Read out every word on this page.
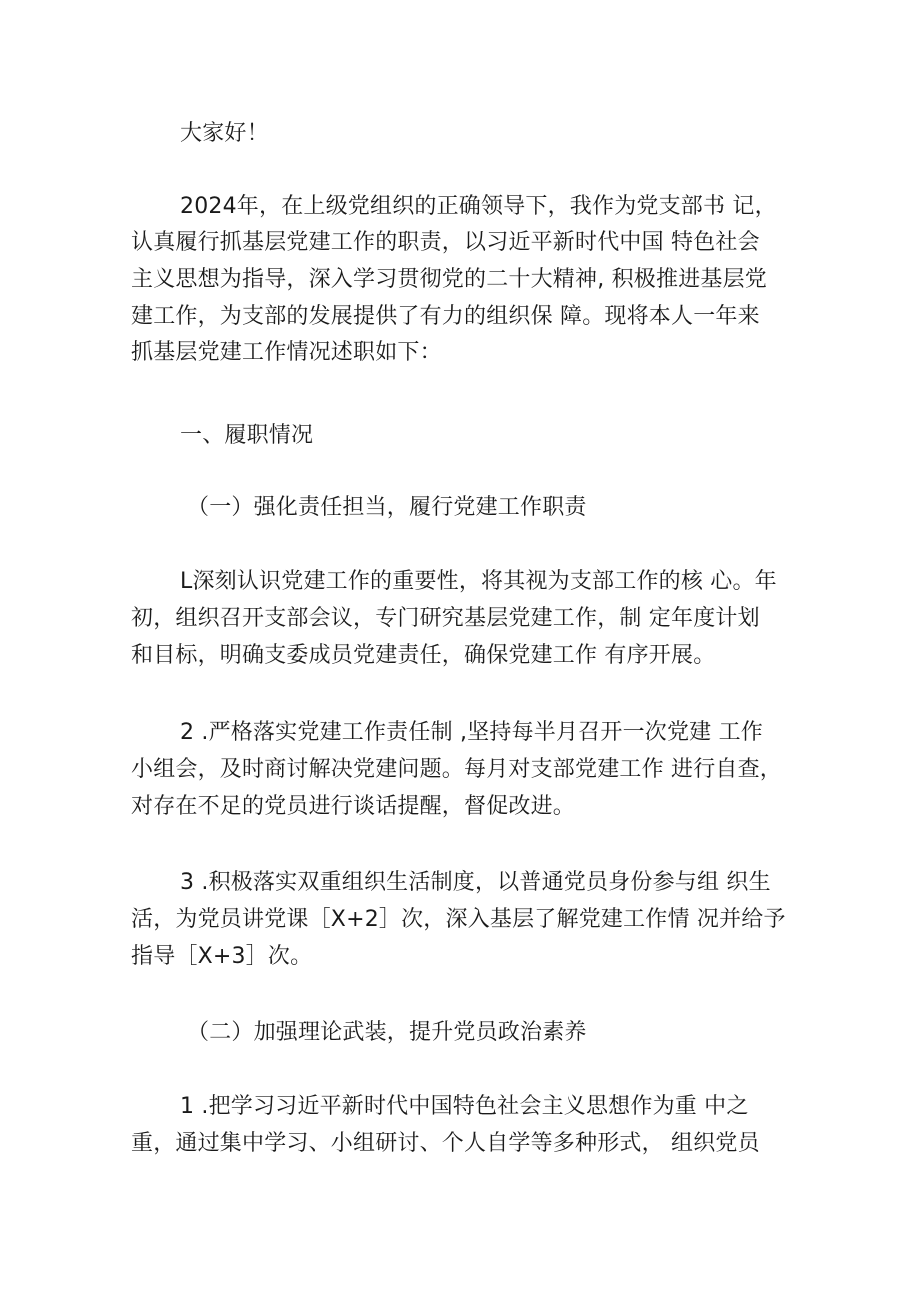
大家好！
2024年，在上级党组织的正确领导下，我作为党支部书 记，
认真履行抓基层党建工作的职责，以习近平新时代中国 特色社会
主义思想为指导，深入学习贯彻党的二十大精神, 积极推进基层党
建工作，为支部的发展提供了有力的组织保 障。现将本人一年来
抓基层党建工作情况述职如下：
一、履职情况
（一）强化责任担当，履行党建工作职责
L深刻认识党建工作的重要性，将其视为支部工作的核 心。年
初，组织召开支部会议，专门研究基层党建工作，制 定年度计划
和目标，明确支委成员党建责任，确保党建工作 有序开展。
2 .严格落实党建工作责任制 ,坚持每半月召开一次党建 工作
小组会，及时商讨解决党建问题。每月对支部党建工作 进行自查，
对存在不足的党员进行谈话提醒，督促改进。
3 .积极落实双重组织生活制度，以普通党员身份参与组 织生
活，为党员讲党课［X+2］次，深入基层了解党建工作情 况并给予
指导［X+3］次。
（二）加强理论武装，提升党员政治素养
1 .把学习习近平新时代中国特色社会主义思想作为重 中之
重，通过集中学习、小组研讨、个人自学等多种形式， 组织党员
